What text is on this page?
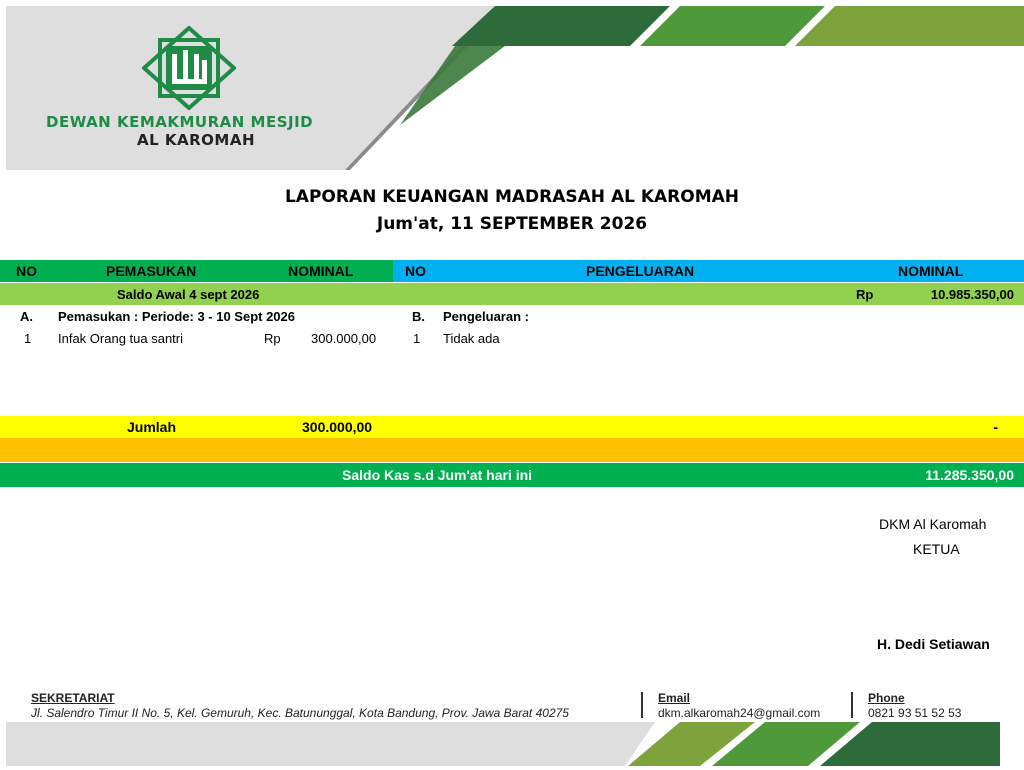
DEWAN KEMAKMURAN MESJID
AL KAROMAH
LAPORAN KEUANGAN MADRASAH AL KAROMAH
Jum'at, 11 SEPTEMBER 2026
NO	PEMASUKAN	NOMINAL	NO	PENGELUARAN	NOMINAL
Saldo Awal 4 sept 2026	Rp	10.985.350,00
A. Pemasukan : Periode: 3 - 10 Sept 2026	B. Pengeluaran :
1 Infak Orang tua santri	Rp 300.000,00	1 Tidak ada
Jumlah	300.000,00	-
Saldo Kas s.d Jum'at hari ini	11.285.350,00
DKM Al Karomah
KETUA
H. Dedi Setiawan
SEKRETARIAT
Jl. Salendro Timur II No. 5, Kel. Gemuruh, Kec. Batununggal, Kota Bandung, Prov. Jawa Barat 40275
Email
dkm.alkaromah24@gmail.com
Phone
0821 93 51 52 53
